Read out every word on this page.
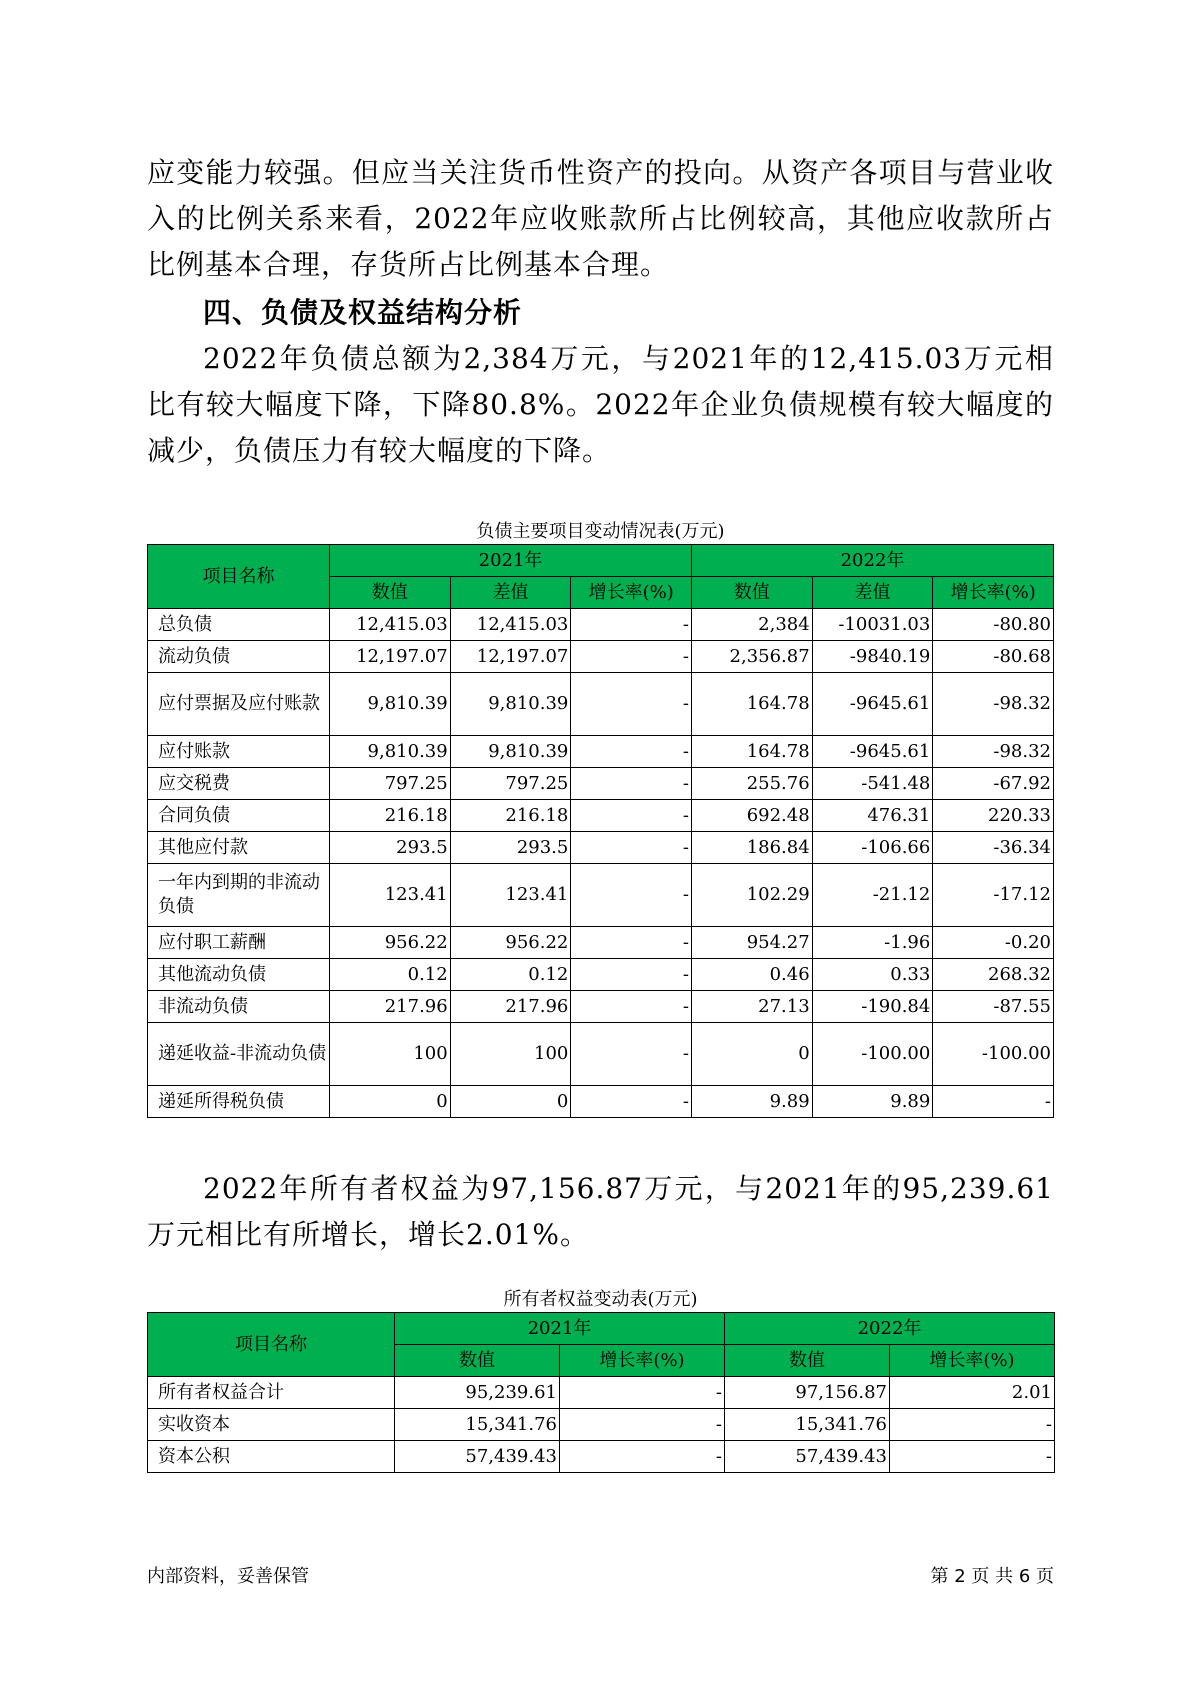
应变能力较强。但应当关注货币性资产的投向。从资产各项目与营业收入的比例关系来看，2022年应收账款所占比例较高，其他应收款所占比例基本合理，存货所占比例基本合理。

四、负债及权益结构分析

2022年负债总额为2,384万元，与2021年的12,415.03万元相比有较大幅度下降，下降80.8%。2022年企业负债规模有较大幅度的减少，负债压力有较大幅度的下降。

负债主要项目变动情况表(万元)

项目名称	2021年			2022年		
	数值	差值	增长率(%)	数值	差值	增长率(%)
总负债	12,415.03	12,415.03	-	2,384	-10031.03	-80.80
流动负债	12,197.07	12,197.07	-	2,356.87	-9840.19	-80.68
应付票据及应付账款	9,810.39	9,810.39	-	164.78	-9645.61	-98.32
应付账款	9,810.39	9,810.39	-	164.78	-9645.61	-98.32
应交税费	797.25	797.25	-	255.76	-541.48	-67.92
合同负债	216.18	216.18	-	692.48	476.31	220.33
其他应付款	293.5	293.5	-	186.84	-106.66	-36.34
一年内到期的非流动负债	123.41	123.41	-	102.29	-21.12	-17.12
应付职工薪酬	956.22	956.22	-	954.27	-1.96	-0.20
其他流动负债	0.12	0.12	-	0.46	0.33	268.32
非流动负债	217.96	217.96	-	27.13	-190.84	-87.55
递延收益-非流动负债	100	100	-	0	-100.00	-100.00
递延所得税负债	0	0	-	9.89	9.89	-

2022年所有者权益为97,156.87万元，与2021年的95,239.61万元相比有所增长，增长2.01%。

所有者权益变动表(万元)

项目名称	2021年		2022年	
	数值	增长率(%)	数值	增长率(%)
所有者权益合计	95,239.61	-	97,156.87	2.01
实收资本	15,341.76	-	15,341.76	-
资本公积	57,439.43	-	57,439.43	-
内部资料，妥善保管	第 2 页 共 6 页
